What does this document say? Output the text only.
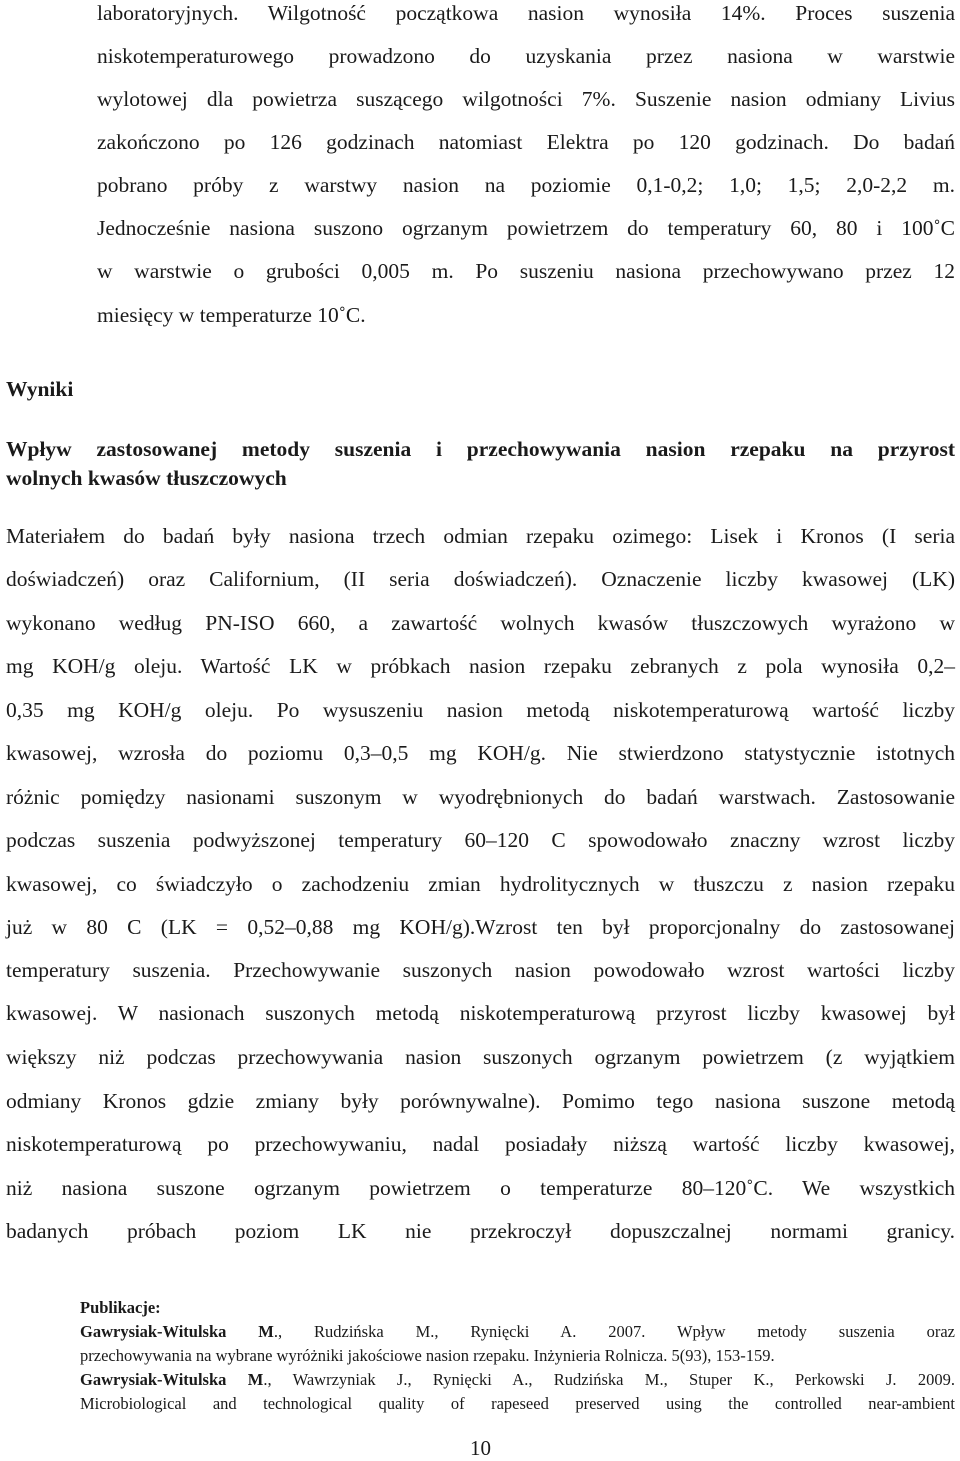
laboratoryjnych. Wilgotność początkowa nasion wynosiła 14%. Proces suszenia
niskotemperaturowego prowadzono do uzyskania przez nasiona w warstwie
wylotowej dla powietrza suszącego wilgotności 7%. Suszenie nasion odmiany Livius
zakończono po 126 godzinach natomiast Elektra po 120 godzinach. Do badań
pobrano próby z warstwy nasion na poziomie 0,1-0,2; 1,0; 1,5; 2,0-2,2 m.
Jednocześnie nasiona suszono ogrzanym powietrzem do temperatury 60, 80 i 100˚C
w warstwie o grubości 0,005 m. Po suszeniu nasiona przechowywano przez 12
miesięcy w temperaturze 10˚C.
Wyniki
Wpływ zastosowanej metody suszenia i przechowywania nasion rzepaku na przyrost
wolnych kwasów tłuszczowych
Materiałem do badań były nasiona trzech odmian rzepaku ozimego: Lisek i Kronos (I seria
doświadczeń) oraz Californium, (II seria doświadczeń). Oznaczenie liczby kwasowej (LK)
wykonano według PN-ISO 660, a zawartość wolnych kwasów tłuszczowych wyrażono w
mg KOH/g oleju. Wartość LK w próbkach nasion rzepaku zebranych z pola wynosiła 0,2–
0,35 mg KOH/g oleju. Po wysuszeniu nasion metodą niskotemperaturową wartość liczby
kwasowej, wzrosła do poziomu 0,3–0,5 mg KOH/g. Nie stwierdzono statystycznie istotnych
różnic pomiędzy nasionami suszonym w wyodrębnionych do badań warstwach. Zastosowanie
podczas suszenia podwyższonej temperatury 60–120 C spowodowało znaczny wzrost liczby
kwasowej, co świadczyło o zachodzeniu zmian hydrolitycznych w tłuszczu z nasion rzepaku
już w 80 C (LK = 0,52–0,88 mg KOH/g).Wzrost ten był proporcjonalny do zastosowanej
temperatury suszenia. Przechowywanie suszonych nasion powodowało wzrost wartości liczby
kwasowej. W nasionach suszonych metodą niskotemperaturową przyrost liczby kwasowej był
większy niż podczas przechowywania nasion suszonych ogrzanym powietrzem (z wyjątkiem
odmiany Kronos gdzie zmiany były porównywalne). Pomimo tego nasiona suszone metodą
niskotemperaturową po przechowywaniu, nadal posiadały niższą wartość liczby kwasowej,
niż nasiona suszone ogrzanym powietrzem o temperaturze 80–120˚C. We wszystkich
badanych próbach poziom LK nie przekroczył dopuszczalnej normami granicy.
Publikacje:
Gawrysiak-Witulska M., Rudzińska M., Rynięcki A. 2007. Wpływ metody suszenia oraz
przechowywania na wybrane wyróżniki jakościowe nasion rzepaku. Inżynieria Rolnicza. 5(93), 153-159.
Gawrysiak-Witulska M., Wawrzyniak J., Rynięcki A., Rudzińska M., Stuper K., Perkowski J. 2009.
Microbiological and technological quality of rapeseed preserved using the controlled near-ambient
10
